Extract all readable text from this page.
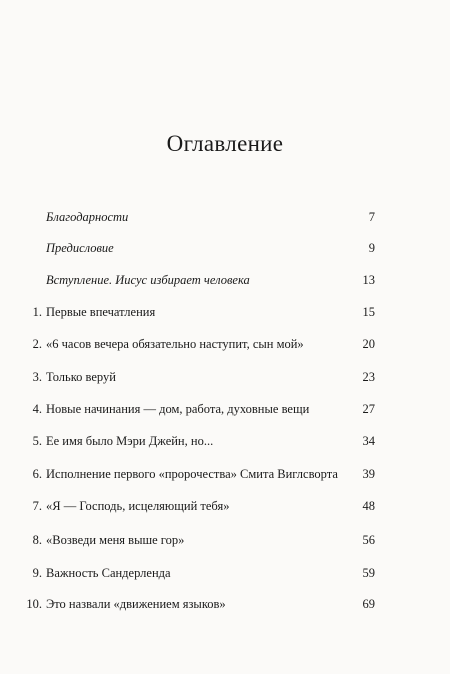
Оглавление
Благодарности	7
Предисловие	9
Вступление. Иисус избирает человека	13
1. Первые впечатления	15
2. «6 часов вечера обязательно наступит, сын мой»	20
3. Только веруй	23
4. Новые начинания — дом, работа, духовные вещи	27
5. Ее имя было Мэри Джейн, но...	34
6. Исполнение первого «пророчества» Смита Виглсворта 39
7. «Я — Господь, исцеляющий тебя»	48
8. «Возведи меня выше гор»	56
9. Важность Сандерленда	59
10. Это назвали «движением языков»	69
